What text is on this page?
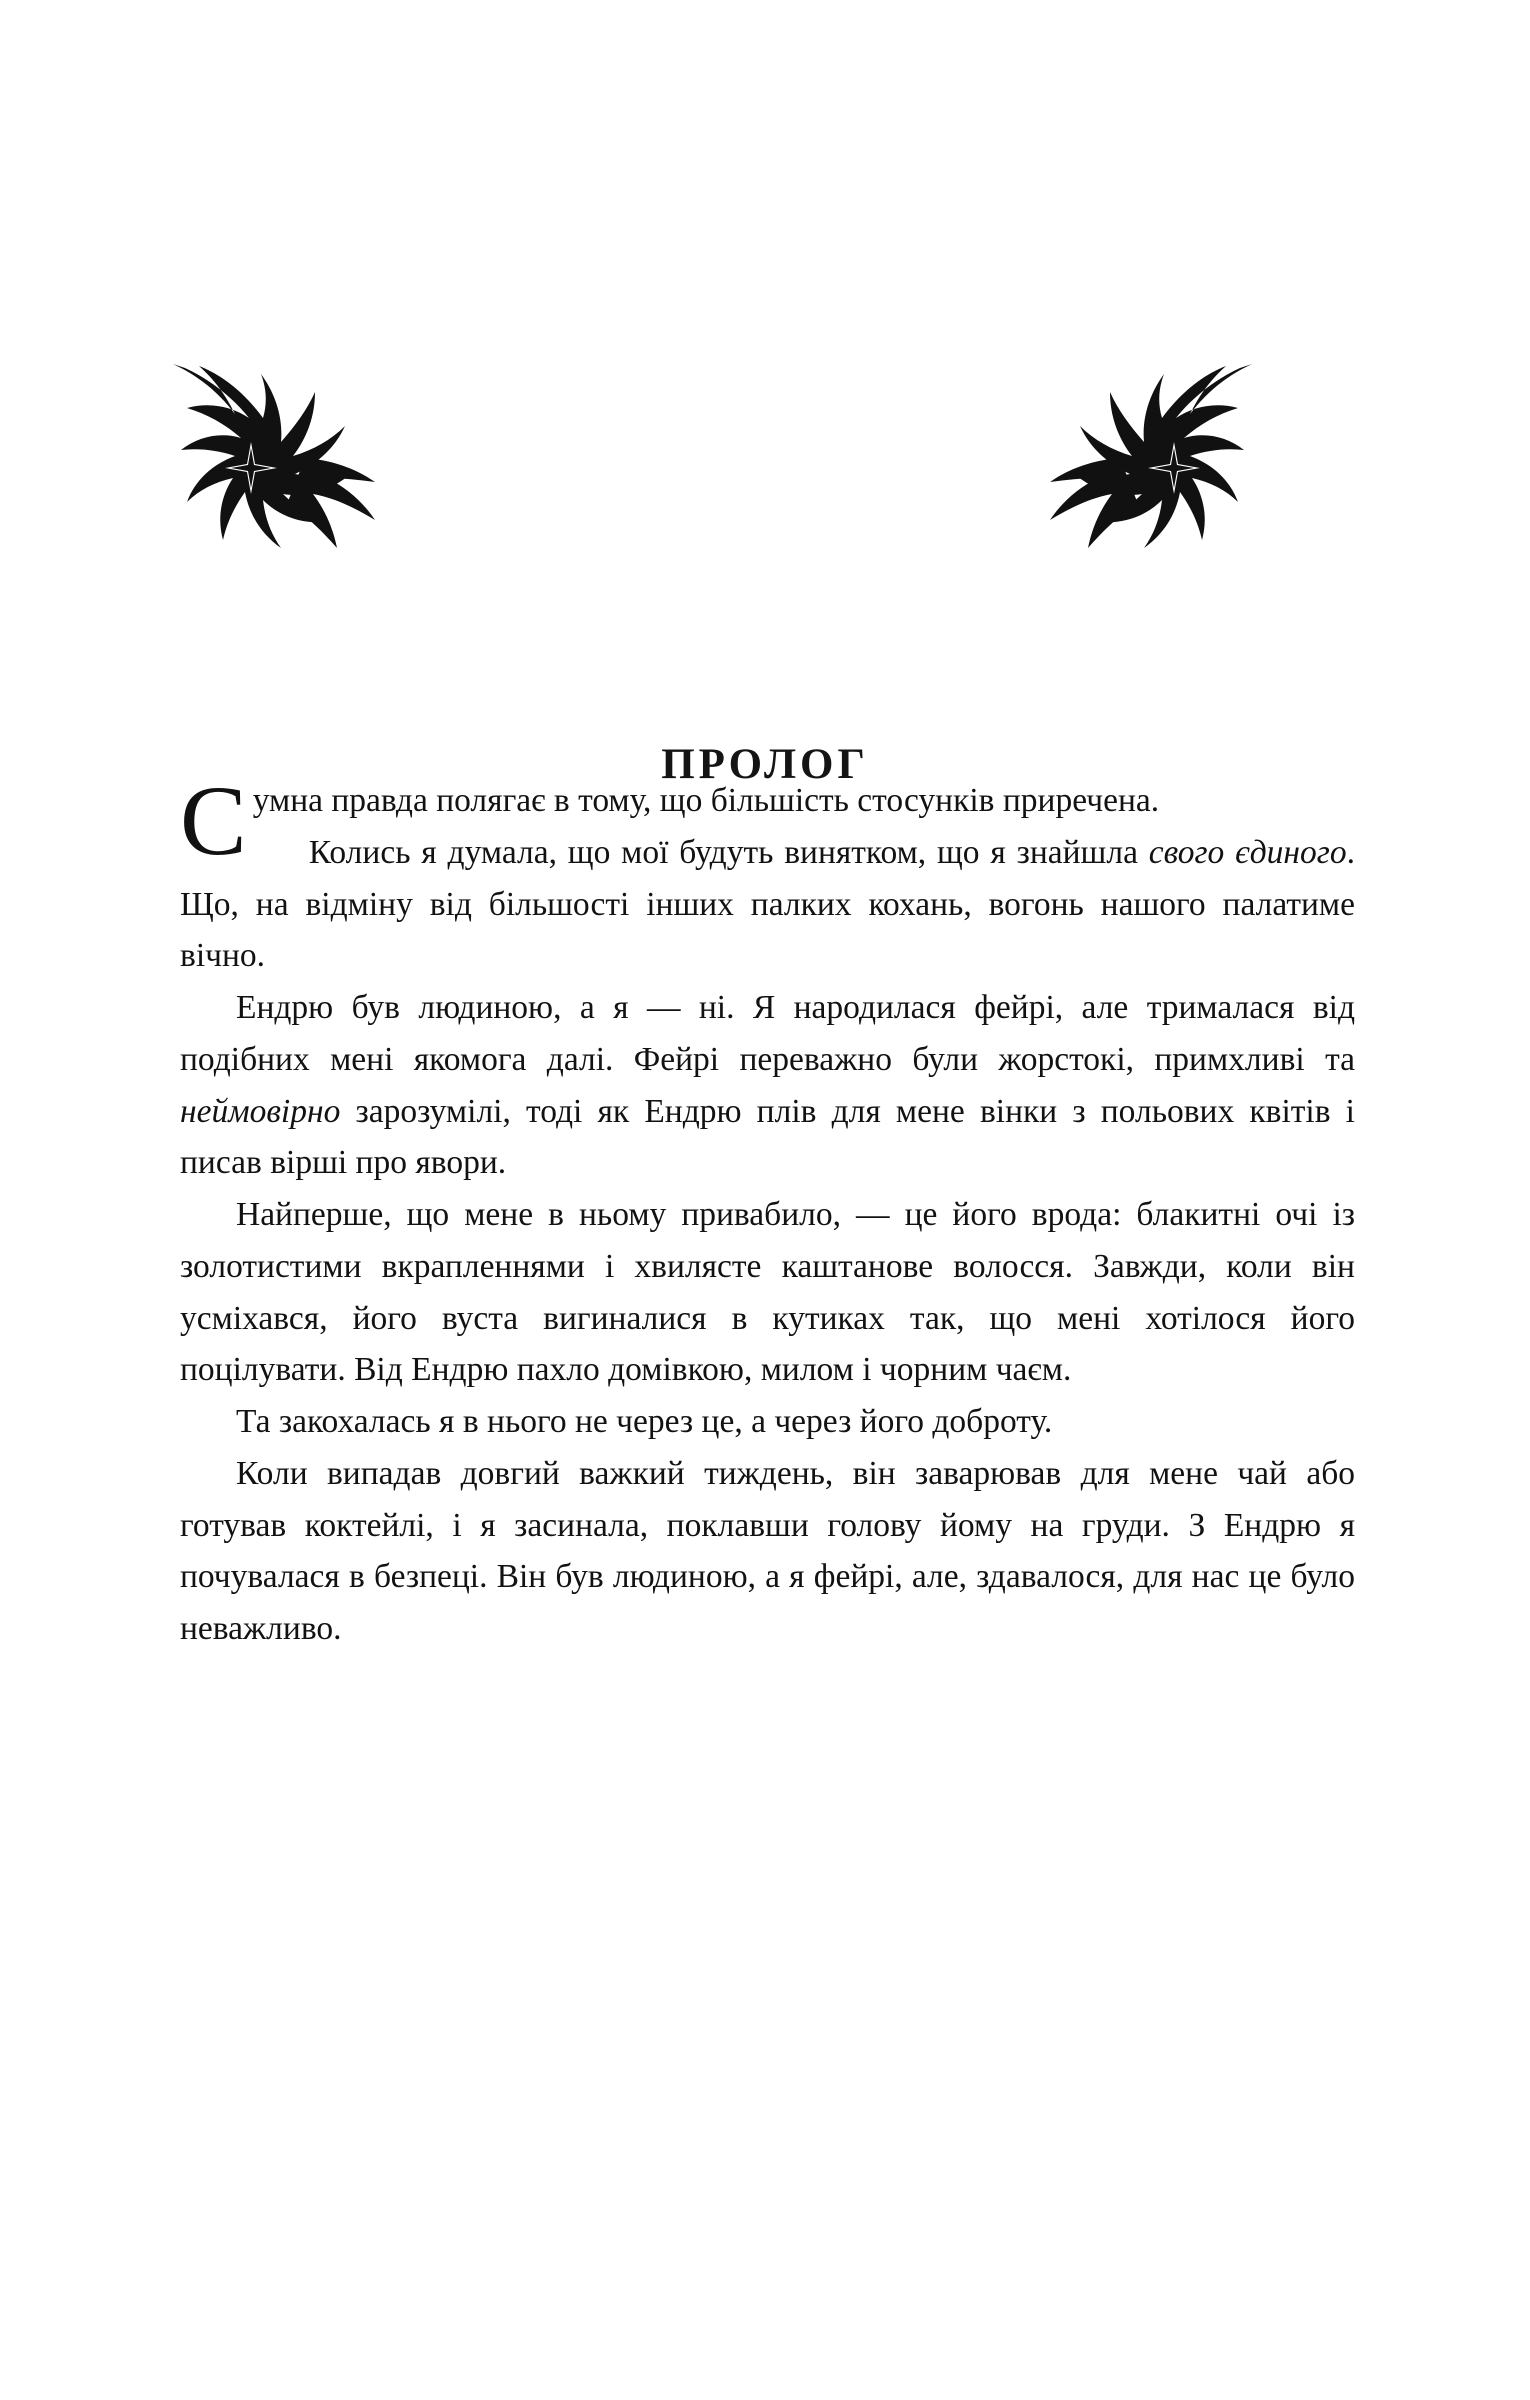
ПРОЛОГ

Сумна правда полягає в тому, що більшість стосунків приречена.

Колись я думала, що мої будуть винятком, що я знайшла свого єдиного. Що, на відміну від більшості інших палких кохань, вогонь нашого палатиме вічно.

Ендрю був людиною, а я — ні. Я народилася фейрі, але трималася від подібних мені якомога далі. Фейрі переважно були жорстокі, примхливі та неймовірно зарозумілі, тоді як Ендрю плів для мене вінки з польових квітів і писав вірші про явори.

Найперше, що мене в ньому привабило, — це його врода: блакитні очі із золотистими вкрапленнями і хвилясте каштанове волосся. Завжди, коли він усміхався, його вуста вигиналися в кутиках так, що мені хотілося його поцілувати. Від Ендрю пахло домівкою, милом і чорним чаєм.

Та закохалась я в нього не через це, а через його доброту.

Коли випадав довгий важкий тиждень, він заварював для мене чай або готував коктейлі, і я засинала, поклавши голову йому на груди. З Ендрю я почувалася в безпеці. Він був людиною, а я фейрі, але, здавалося, для нас це було неважливо.
